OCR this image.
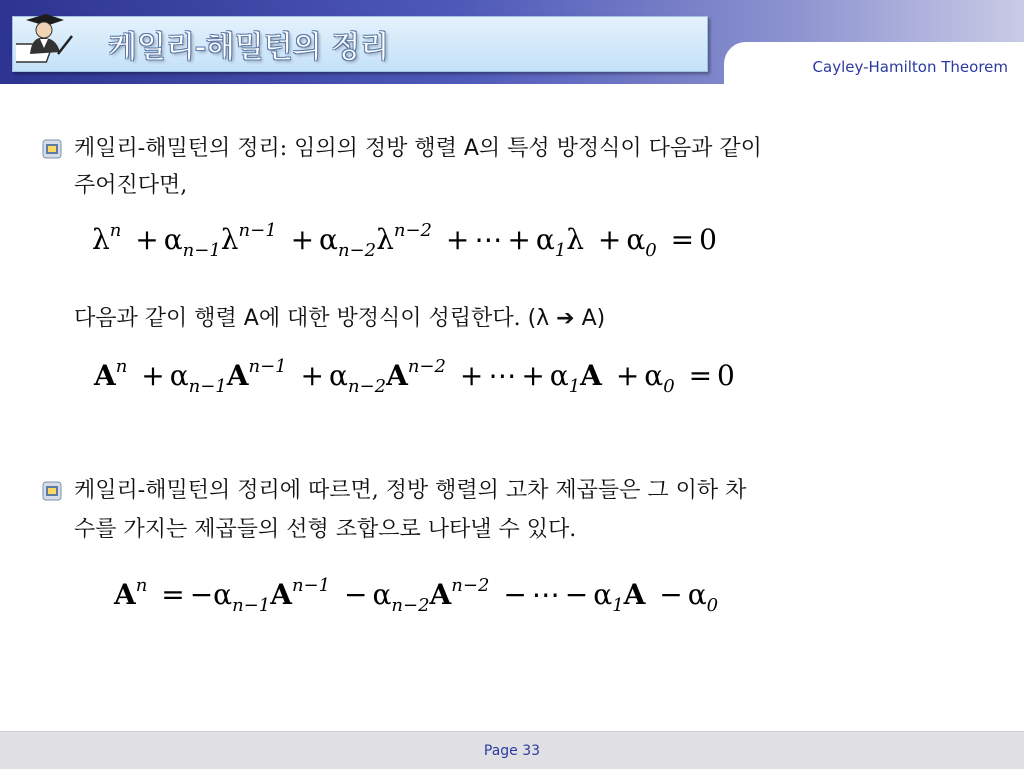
케일리-해밀턴의 정리
Cayley-Hamilton Theorem
케일리-해밀턴의 정리: 임의의 정방 행렬 A의 특성 방정식이 다음과 같이
주어진다면,
$\lambda^n + \alpha_{n-1}\lambda^{n-1} + \alpha_{n-2}\lambda^{n-2}$ + ⋯ + $\alpha_1\lambda + \alpha_0 = 0$
다음과 같이 행렬 A에 대한 방정식이 성립한다. (λ ➔ A)
$A^n + \alpha_{n-1}A^{n-1} + \alpha_{n-2}A^{n-2}$ + ⋯ + $\alpha_1A + \alpha_0 = 0$
케일리-해밀턴의 정리에 따르면, 정방 행렬의 고차 제곱들은 그 이하 차
수를 가지는 제곱들의 선형 조합으로 나타낼 수 있다.
$A^n = -\alpha_{n-1}A^{n-1} - \alpha_{n-2}A^{n-2}$ − ⋯ − $\alpha_1A - \alpha_0$
Page 33
